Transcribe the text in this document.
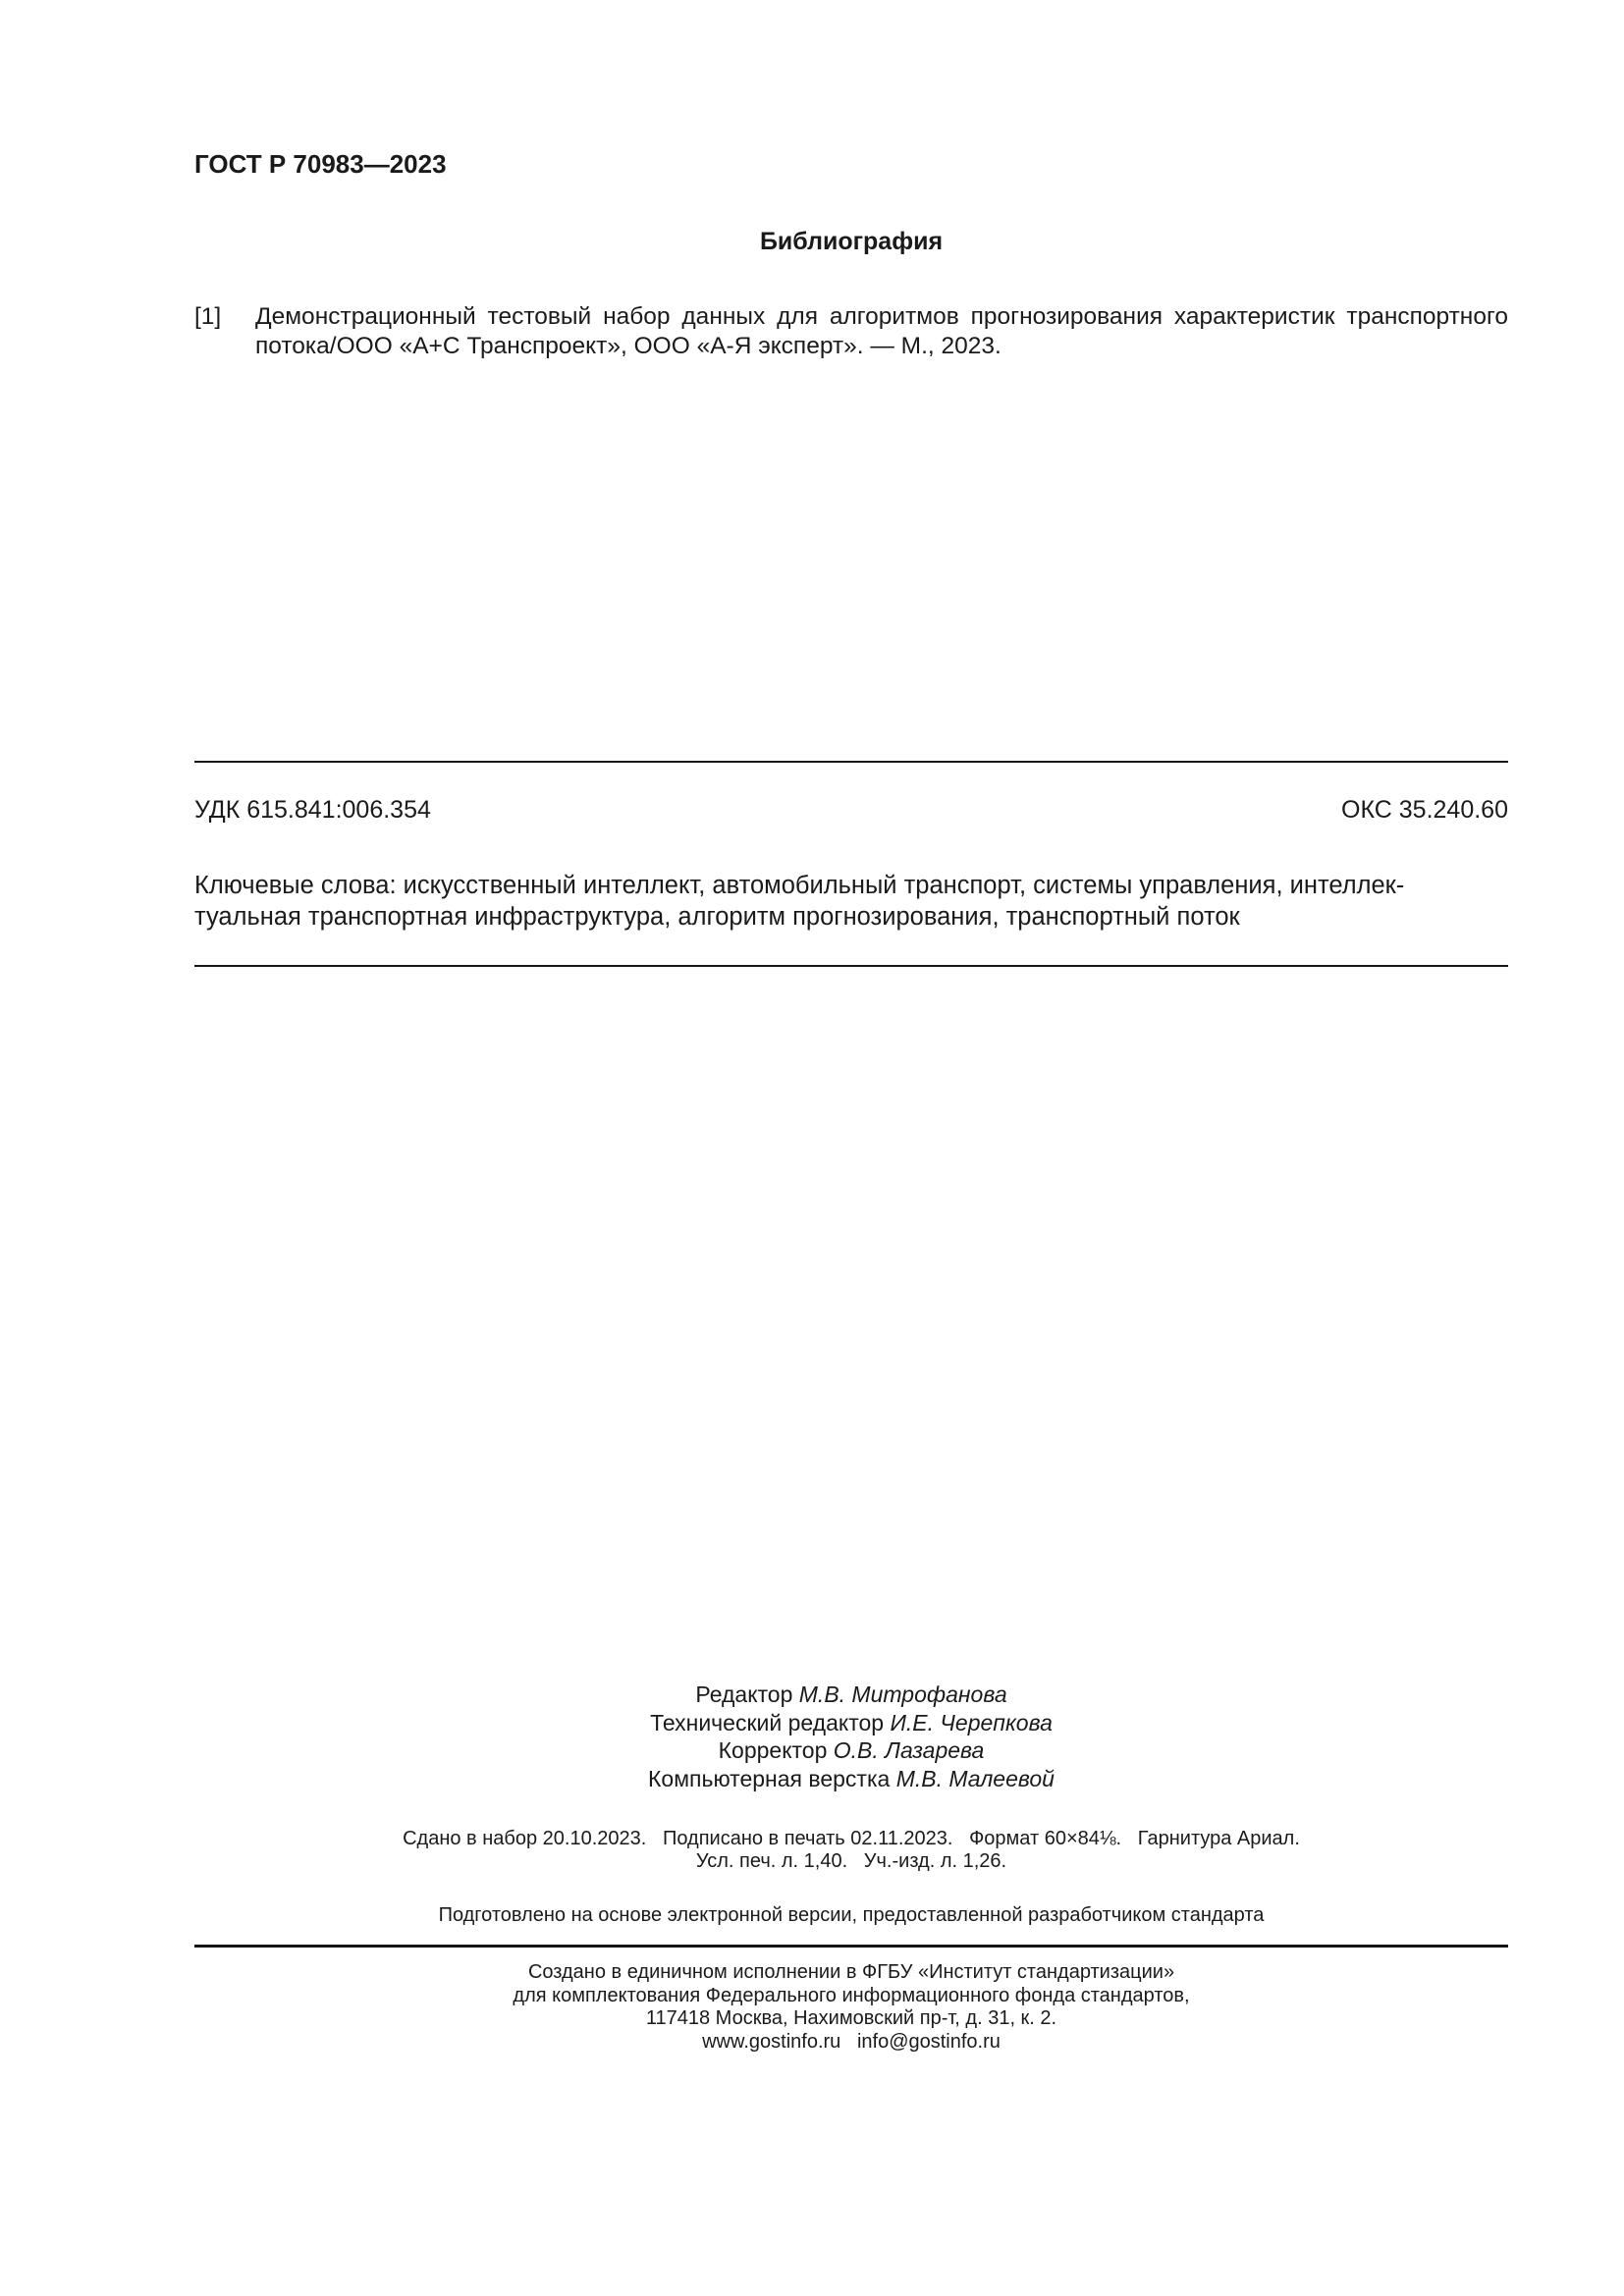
ГОСТ Р 70983—2023
Библиография
[1] Демонстрационный тестовый набор данных для алгоритмов прогнозирования характеристик транспортного потока/ООО «А+С Транспроект», ООО «А-Я эксперт». — М., 2023.
УДК 615.841:006.354	ОКС 35.240.60
Ключевые слова: искусственный интеллект, автомобильный транспорт, системы управления, интеллек-
туальная транспортная инфраструктура, алгоритм прогнозирования, транспортный поток
Редактор М.В. Митрофанова
Технический редактор И.Е. Черепкова
Корректор О.В. Лазарева
Компьютерная верстка М.В. Малеевой
Сдано в набор 20.10.2023.   Подписано в печать 02.11.2023.   Формат 60×84⅛.   Гарнитура Ариал.
Усл. печ. л. 1,40.   Уч.-изд. л. 1,26.
Подготовлено на основе электронной версии, предоставленной разработчиком стандарта
Создано в единичном исполнении в ФГБУ «Институт стандартизации»
для комплектования Федерального информационного фонда стандартов,
117418 Москва, Нахимовский пр-т, д. 31, к. 2.
www.gostinfo.ru info@gostinfo.ru
